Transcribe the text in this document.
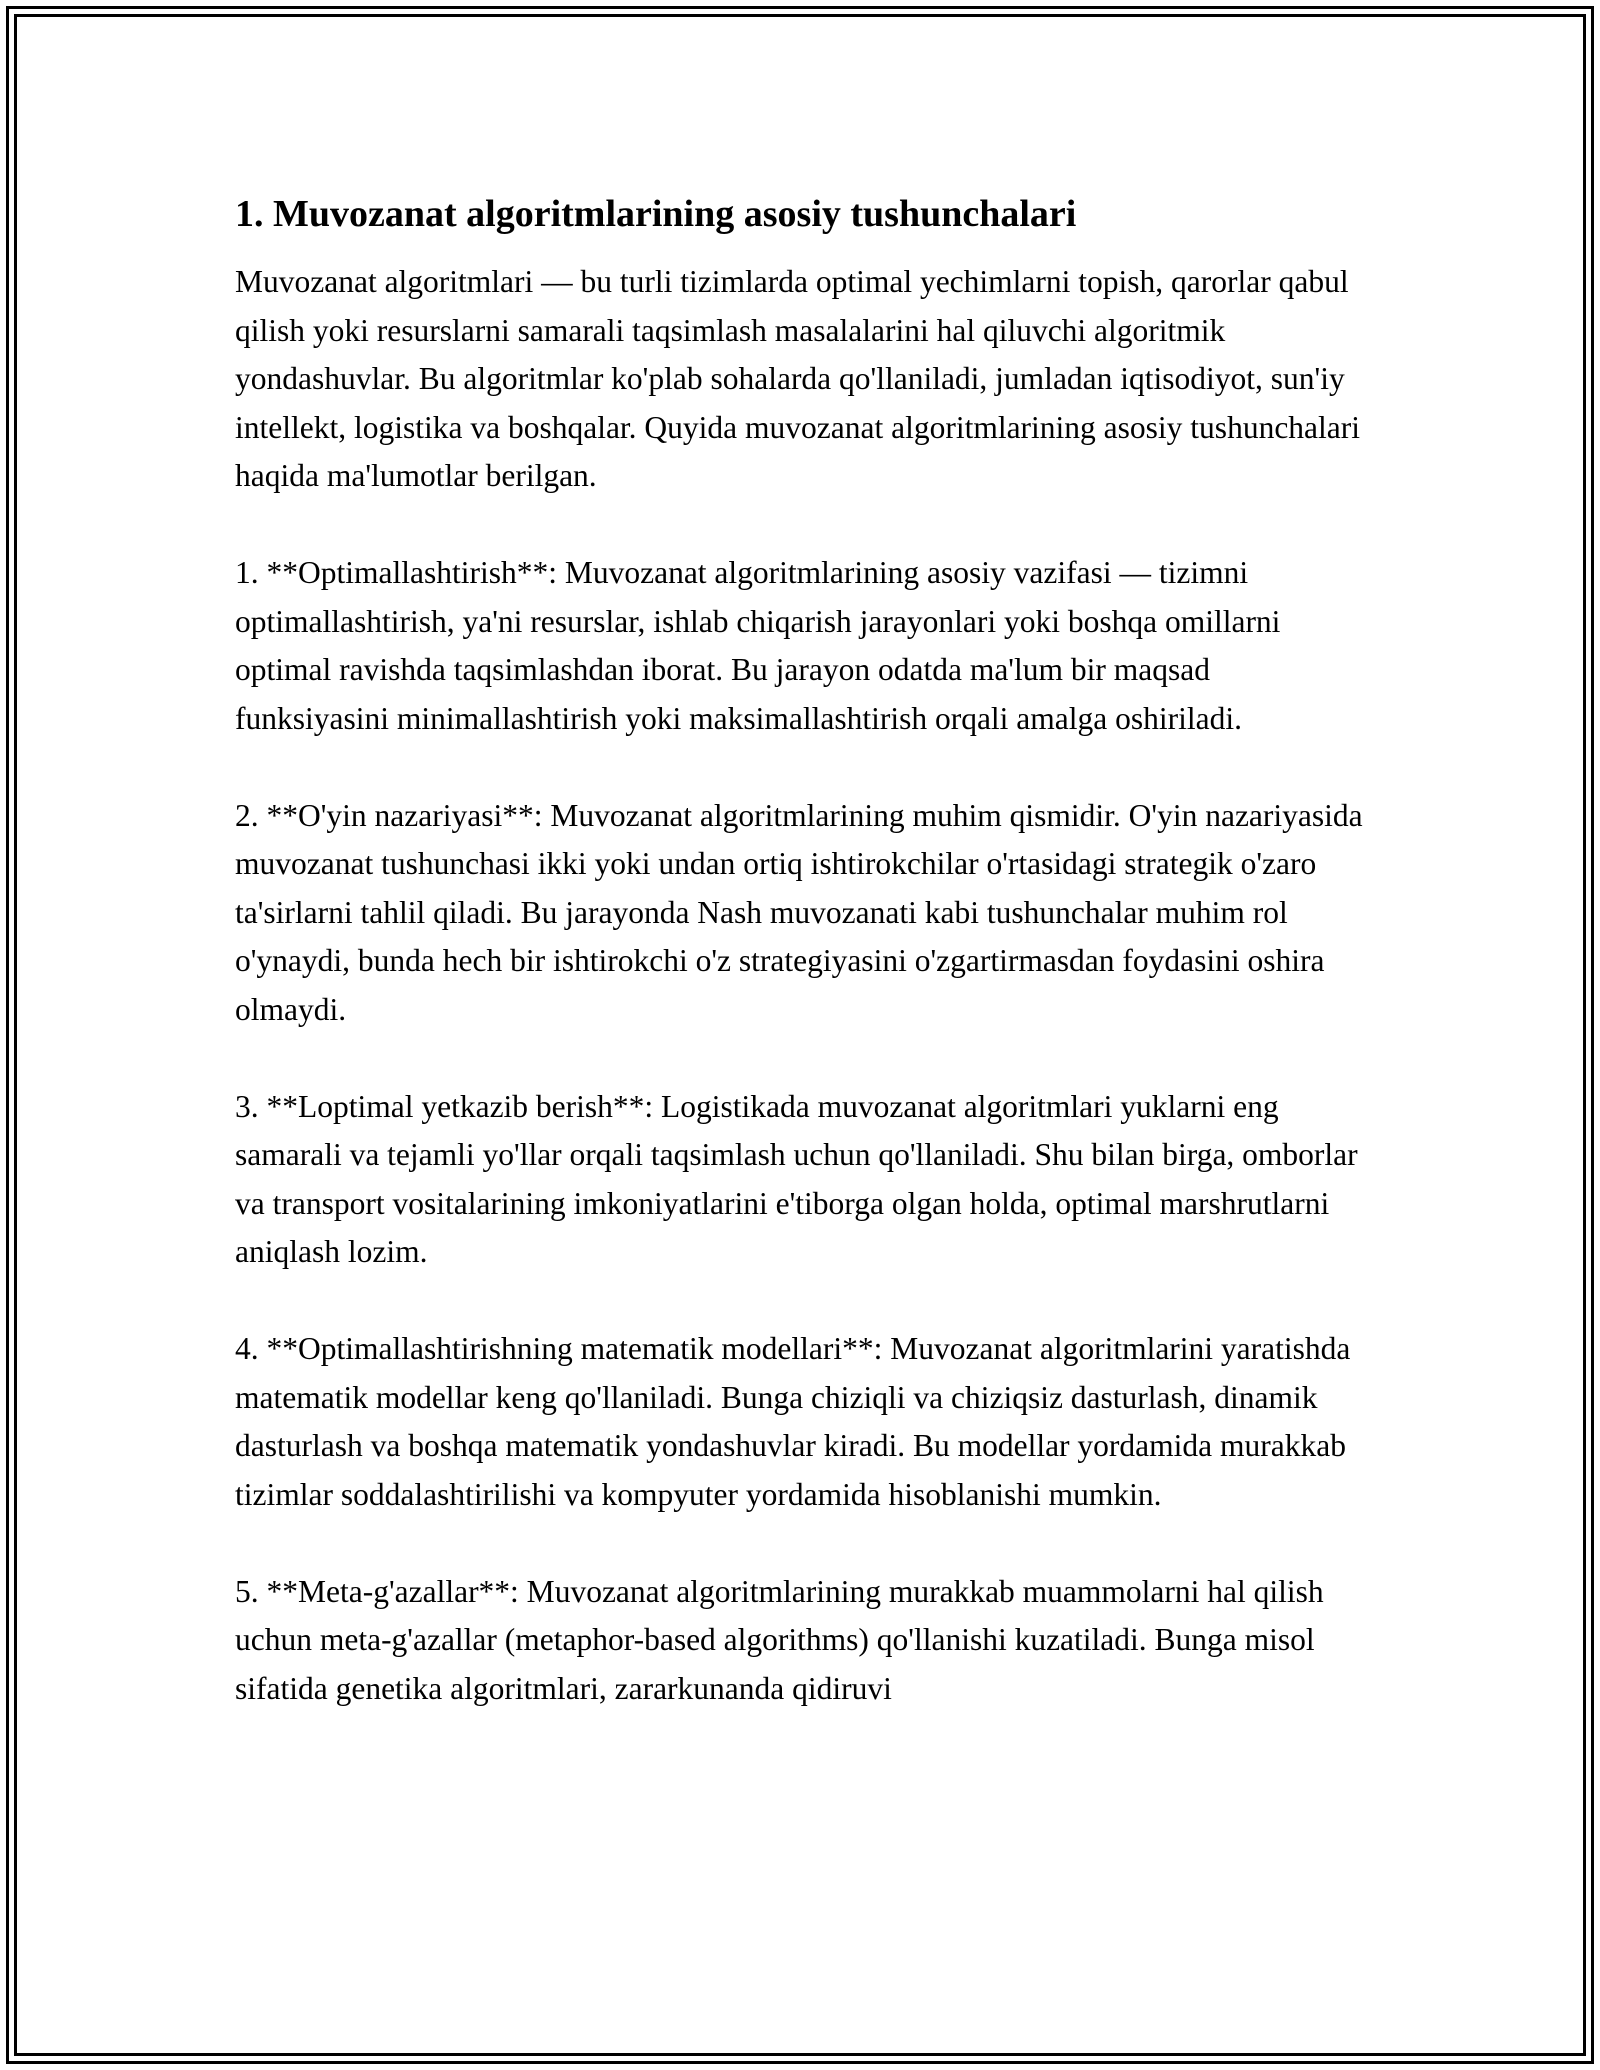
1. Muvozanat algoritmlarining asosiy tushunchalari

Muvozanat algoritmlari — bu turli tizimlarda optimal yechimlarni topish, qarorlar qabul qilish yoki resurslarni samarali taqsimlash masalalarini hal qiluvchi algoritmik yondashuvlar. Bu algoritmlar ko'plab sohalarda qo'llaniladi, jumladan iqtisodiyot, sun'iy intellekt, logistika va boshqalar. Quyida muvozanat algoritmlarining asosiy tushunchalari haqida ma'lumotlar berilgan.

1. **Optimallashtirish**: Muvozanat algoritmlarining asosiy vazifasi — tizimni optimallashtirish, ya'ni resurslar, ishlab chiqarish jarayonlari yoki boshqa omillarni optimal ravishda taqsimlashdan iborat. Bu jarayon odatda ma'lum bir maqsad funksiyasini minimallashtirish yoki maksimallashtirish orqali amalga oshiriladi.

2. **O'yin nazariyasi**: Muvozanat algoritmlarining muhim qismidir. O'yin nazariyasida muvozanat tushunchasi ikki yoki undan ortiq ishtirokchilar o'rtasidagi strategik o'zaro ta'sirlarni tahlil qiladi. Bu jarayonda Nash muvozanati kabi tushunchalar muhim rol o'ynaydi, bunda hech bir ishtirokchi o'z strategiyasini o'zgartirmasdan foydasini oshira olmaydi.

3. **Loptimal yetkazib berish**: Logistikada muvozanat algoritmlari yuklarni eng samarali va tejamli yo'llar orqali taqsimlash uchun qo'llaniladi. Shu bilan birga, omborlar va transport vositalarining imkoniyatlarini e'tiborga olgan holda, optimal marshrutlarni aniqlash lozim.

4. **Optimallashtirishning matematik modellari**: Muvozanat algoritmlarini yaratishda matematik modellar keng qo'llaniladi. Bunga chiziqli va chiziqsiz dasturlash, dinamik dasturlash va boshqa matematik yondashuvlar kiradi. Bu modellar yordamida murakkab tizimlar soddalashtirilishi va kompyuter yordamida hisoblanishi mumkin.

5. **Meta-g'azallar**: Muvozanat algoritmlarining murakkab muammolarni hal qilish uchun meta-g'azallar (metaphor-based algorithms) qo'llanishi kuzatiladi. Bunga misol sifatida genetika algoritmlari, zararkunanda qidiruvi
